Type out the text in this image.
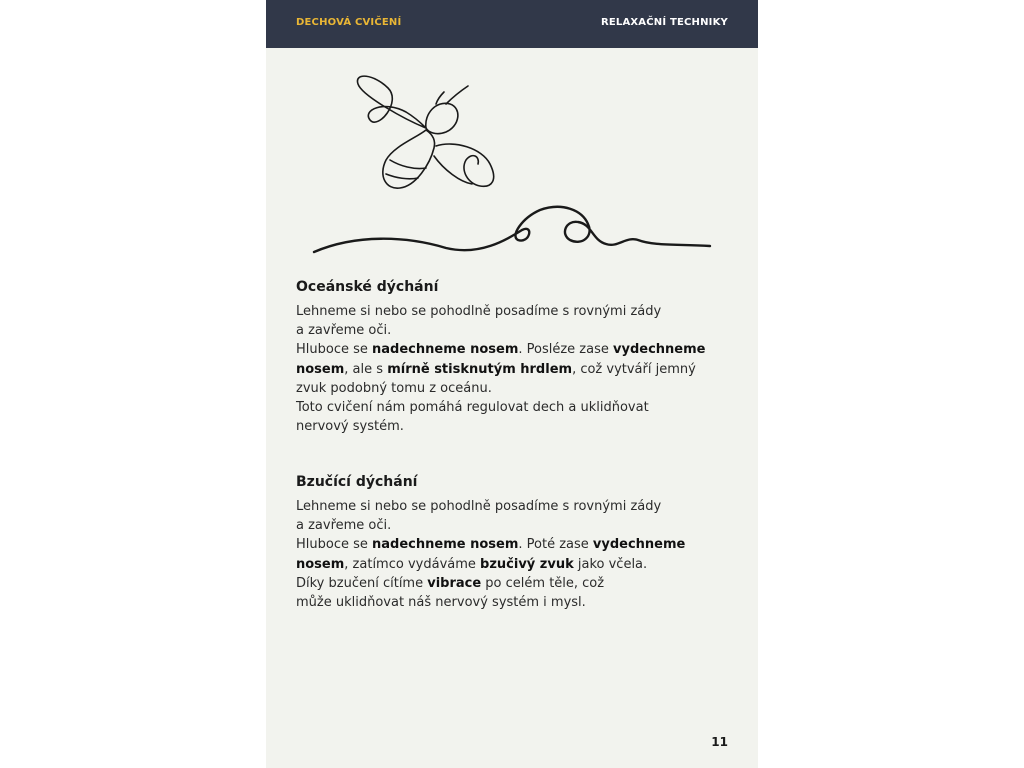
DECHOVÁ CVIČENÍ	RELAXAČNÍ TECHNIKY
Oceánské dýchání

Lehneme si nebo se pohodlně posadíme s rovnými zády
a zavřeme oči.
Hluboce se nadechneme nosem. Posléze zase vydechneme
nosem, ale s mírně stisknutým hrdlem, což vytváří jemný
zvuk podobný tomu z oceánu.
Toto cvičení nám pomáhá regulovat dech a uklidňovat
nervový systém.

Bzučící dýchání

Lehneme si nebo se pohodlně posadíme s rovnými zády
a zavřeme oči.
Hluboce se nadechneme nosem. Poté zase vydechneme
nosem, zatímco vydáváme bzučivý zvuk jako včela.
Díky bzučení cítíme vibrace po celém těle, což
může uklidňovat náš nervový systém i mysl.

11
